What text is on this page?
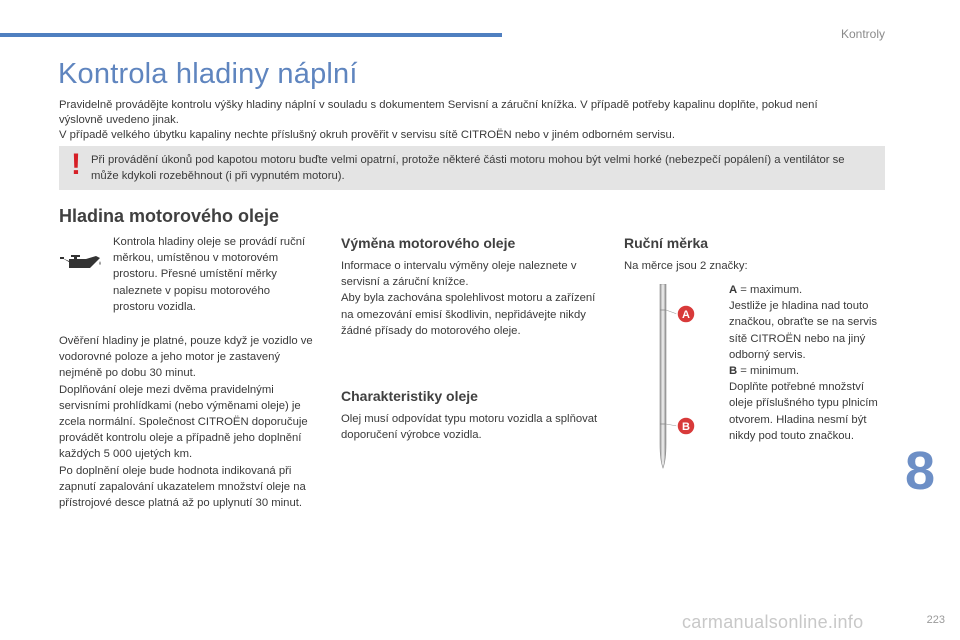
Kontroly
Kontrola hladiny náplní

Pravidelně provádějte kontrolu výšky hladiny náplní v souladu s dokumentem Servisní a záruční knížka. V případě potřeby kapalinu doplňte, pokud není výslovně uvedeno jinak.

V případě velkého úbytku kapaliny nechte příslušný okruh prověřit v servisu sítě CITROËN nebo v jiném odborném servisu.

! Při provádění úkonů pod kapotou motoru buďte velmi opatrní, protože některé části motoru mohou být velmi horké (nebezpečí popálení) a ventilátor se může kdykoli rozeběhnout (i při vypnutém motoru).
Hladina motorového oleje
Kontrola hladiny oleje se provádí ruční měrkou, umístěnou v motorovém prostoru. Přesné umístění měrky naleznete v popisu motorového prostoru vozidla.

Ověření hladiny je platné, pouze když je vozidlo ve vodorovné poloze a jeho motor je zastavený nejméně po dobu 30 minut.

Doplňování oleje mezi dvěma pravidelnými servisními prohlídkami (nebo výměnami oleje) je zcela normální. Společnost CITROËN doporučuje provádět kontrolu oleje a případně jeho doplnění každých 5 000 ujetých km.

Po doplnění oleje bude hodnota indikovaná při zapnutí zapalování ukazatelem množství oleje na přístrojové desce platná až po uplynutí 30 minut.

Výměna motorového oleje

Informace o intervalu výměny oleje naleznete v servisní a záruční knížce.

Aby byla zachována spolehlivost motoru a zařízení na omezování emisí škodlivin, nepřidávejte nikdy žádné přísady do motorového oleje.

Charakteristiky oleje
Olej musí odpovídat typu motoru vozidla a splňovat doporučení výrobce vozidla.
Ruční měrka
Na měrce jsou 2 značky:
A
B

A = maximum.

Jestliže je hladina nad touto značkou, obraťte se na servis sítě CITROËN nebo na jiný odborný servis.

B = minimum.

Doplňte potřebné množství oleje příslušného typu plnicím otvorem. Hladina nesmí být nikdy pod touto značkou.

8
223
carmanualsonline.info
